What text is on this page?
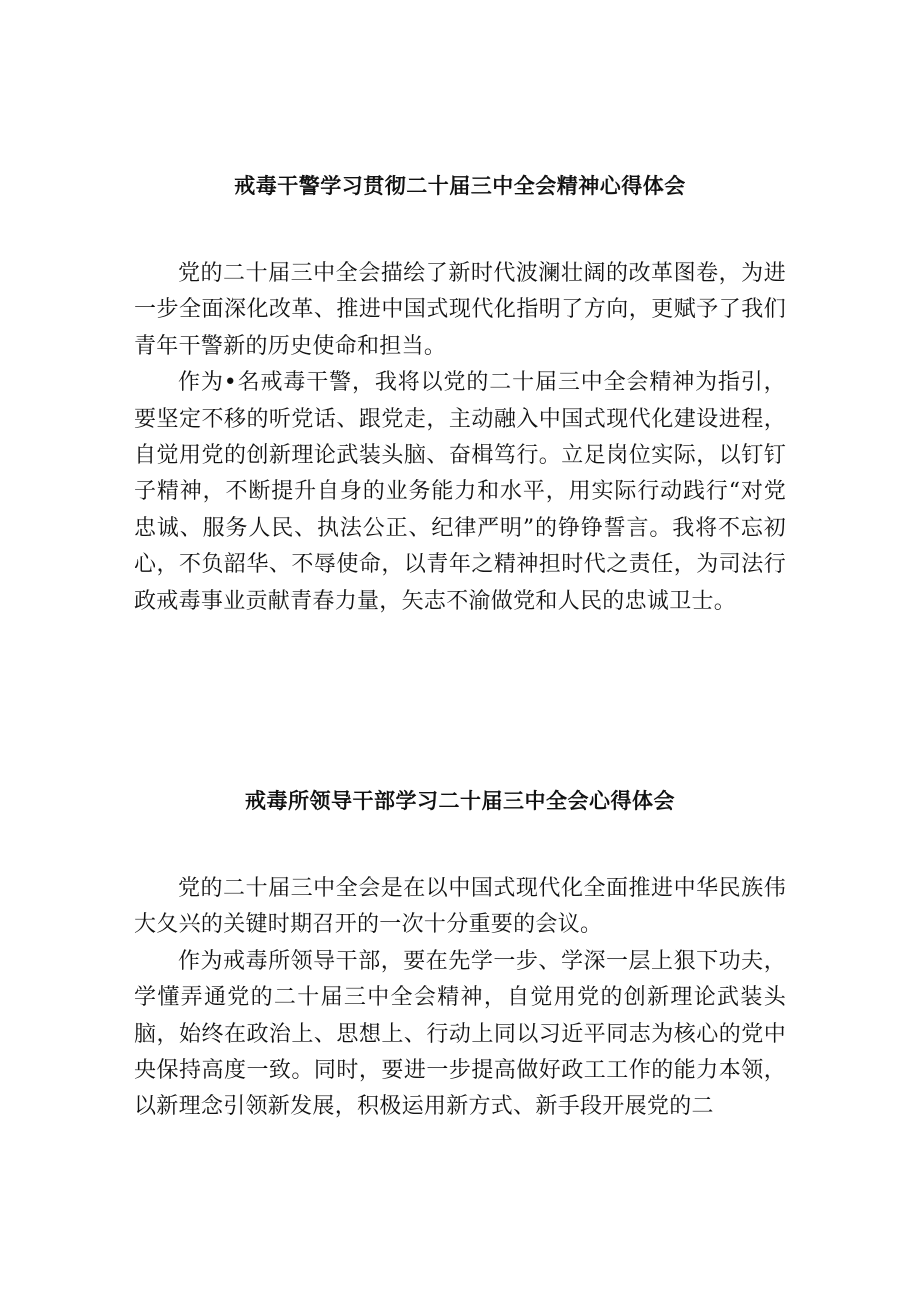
戒毒干警学习贯彻二十届三中全会精神心得体会

党的二十届三中全会描绘了新时代波澜壮阔的改革图卷，为进一步全面深化改革、推进中国式现代化指明了方向，更赋予了我们青年干警新的历史使命和担当。

作为•名戒毒干警，我将以党的二十届三中全会精神为指引，要坚定不移的听党话、跟党走，主动融入中国式现代化建设进程，自觉用党的创新理论武装头脑、奋楫笃行。立足岗位实际，以钉钉子精神，不断提升自身的业务能力和水平，用实际行动践行“对党忠诚、服务人民、执法公正、纪律严明”的铮铮誓言。我将不忘初心，不负韶华、不辱使命，以青年之精神担时代之责任，为司法行政戒毒事业贡献青春力量，矢志不渝做党和人民的忠诚卫士。

戒毒所领导干部学习二十届三中全会心得体会

党的二十届三中全会是在以中国式现代化全面推进中华民族伟大夂兴的关键时期召开的一次十分重要的会议。

作为戒毒所领导干部，要在先学一步、学深一层上狠下功夫，学懂弄通党的二十届三中全会精神，自觉用党的创新理论武装头脑，始终在政治上、思想上、行动上同以习近平同志为核心的党中央保持高度一致。同时，要进一步提高做好政工工作的能力本领，以新理念引领新发展，积极运用新方式、新手段开展党的二
